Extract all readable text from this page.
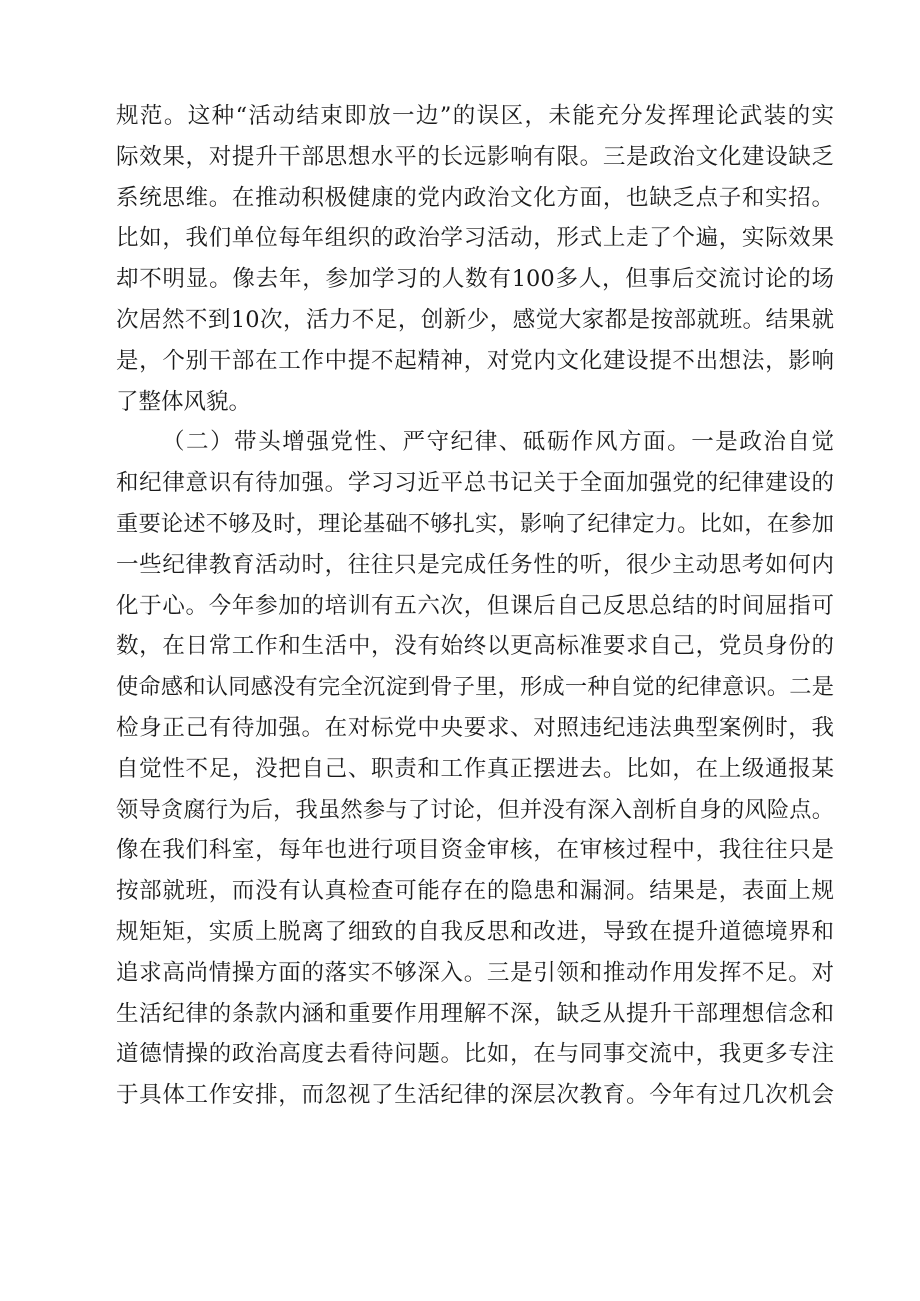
规范。这种“活动结束即放一边”的误区，未能充分发挥理论武装的实
际效果，对提升干部思想水平的长远影响有限。三是政治文化建设缺乏
系统思维。在推动积极健康的党内政治文化方面，也缺乏点子和实招。
比如，我们单位每年组织的政治学习活动，形式上走了个遍，实际效果
却不明显。像去年，参加学习的人数有100多人，但事后交流讨论的场
次居然不到10次，活力不足，创新少，感觉大家都是按部就班。结果就
是，个别干部在工作中提不起精神，对党内文化建设提不出想法，影响
了整体风貌。
（二）带头增强党性、严守纪律、砥砺作风方面。一是政治自觉
和纪律意识有待加强。学习习近平总书记关于全面加强党的纪律建设的
重要论述不够及时，理论基础不够扎实，影响了纪律定力。比如，在参加
一些纪律教育活动时，往往只是完成任务性的听，很少主动思考如何内
化于心。今年参加的培训有五六次，但课后自己反思总结的时间屈指可
数，在日常工作和生活中，没有始终以更高标准要求自己，党员身份的
使命感和认同感没有完全沉淀到骨子里，形成一种自觉的纪律意识。二是
检身正己有待加强。在对标党中央要求、对照违纪违法典型案例时，我
自觉性不足，没把自己、职责和工作真正摆进去。比如，在上级通报某
领导贪腐行为后，我虽然参与了讨论，但并没有深入剖析自身的风险点。
像在我们科室，每年也进行项目资金审核，在审核过程中，我往往只是
按部就班，而没有认真检查可能存在的隐患和漏洞。结果是，表面上规
规矩矩，实质上脱离了细致的自我反思和改进，导致在提升道德境界和
追求高尚情操方面的落实不够深入。三是引领和推动作用发挥不足。对
生活纪律的条款内涵和重要作用理解不深，缺乏从提升干部理想信念和
道德情操的政治高度去看待问题。比如，在与同事交流中，我更多专注
于具体工作安排，而忽视了生活纪律的深层次教育。今年有过几次机会
